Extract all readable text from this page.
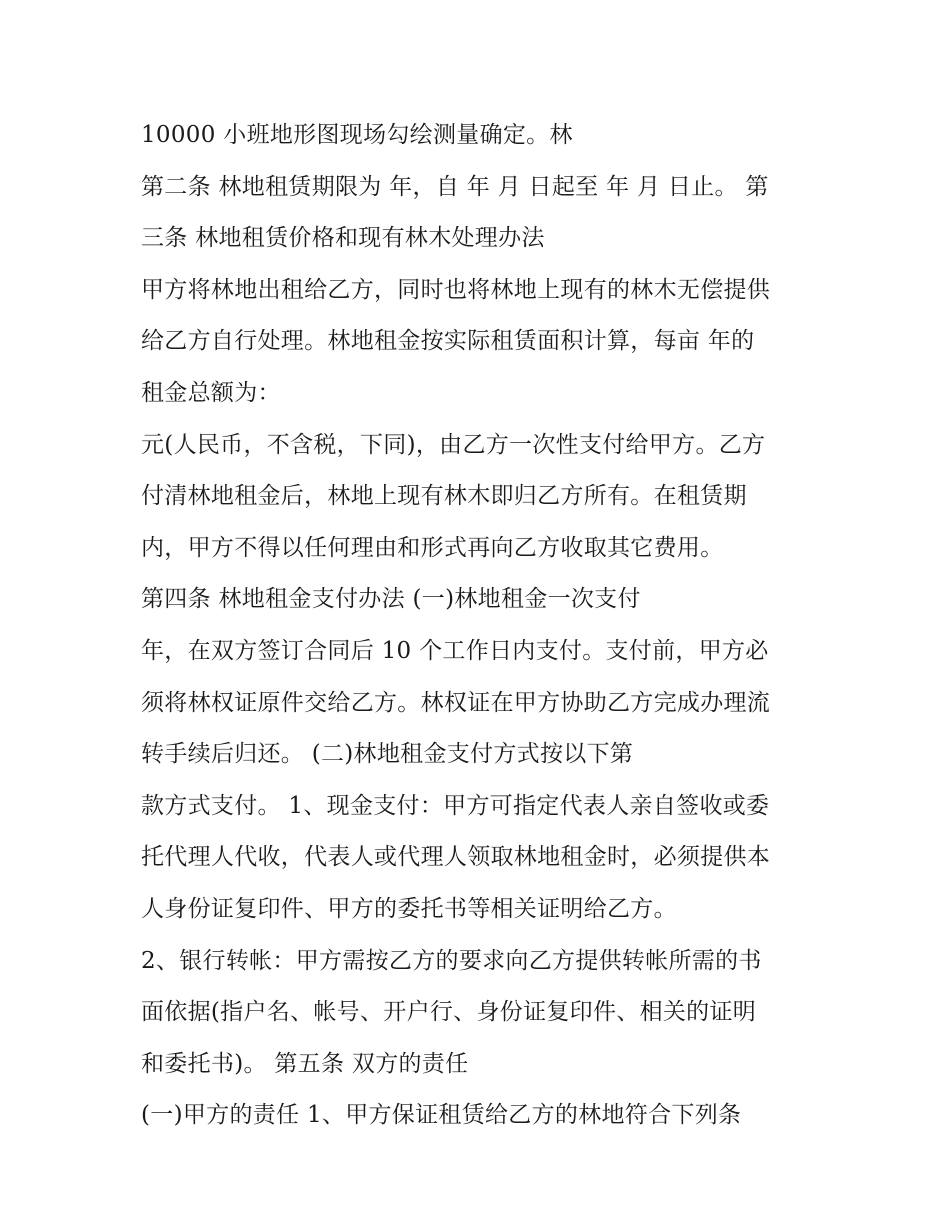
10000 小班地形图现场勾绘测量确定。林
第二条 林地租赁期限为 年，自 年 月 日起至 年 月 日止。 第
三条 林地租赁价格和现有林木处理办法
甲方将林地出租给乙方，同时也将林地上现有的林木无偿提供
给乙方自行处理。林地租金按实际租赁面积计算，每亩 年的
租金总额为：
元(人民币，不含税，下同)，由乙方一次性支付给甲方。乙方
付清林地租金后，林地上现有林木即归乙方所有。在租赁期
内，甲方不得以任何理由和形式再向乙方收取其它费用。
第四条 林地租金支付办法 (一)林地租金一次支付
年，在双方签订合同后 10 个工作日内支付。支付前，甲方必
须将林权证原件交给乙方。林权证在甲方协助乙方完成办理流
转手续后归还。 (二)林地租金支付方式按以下第
款方式支付。 1、现金支付：甲方可指定代表人亲自签收或委
托代理人代收，代表人或代理人领取林地租金时，必须提供本
人身份证复印件、甲方的委托书等相关证明给乙方。
2、银行转帐：甲方需按乙方的要求向乙方提供转帐所需的书
面依据(指户名、帐号、开户行、身份证复印件、相关的证明
和委托书)。 第五条 双方的责任
(一)甲方的责任 1、甲方保证租赁给乙方的林地符合下列条
